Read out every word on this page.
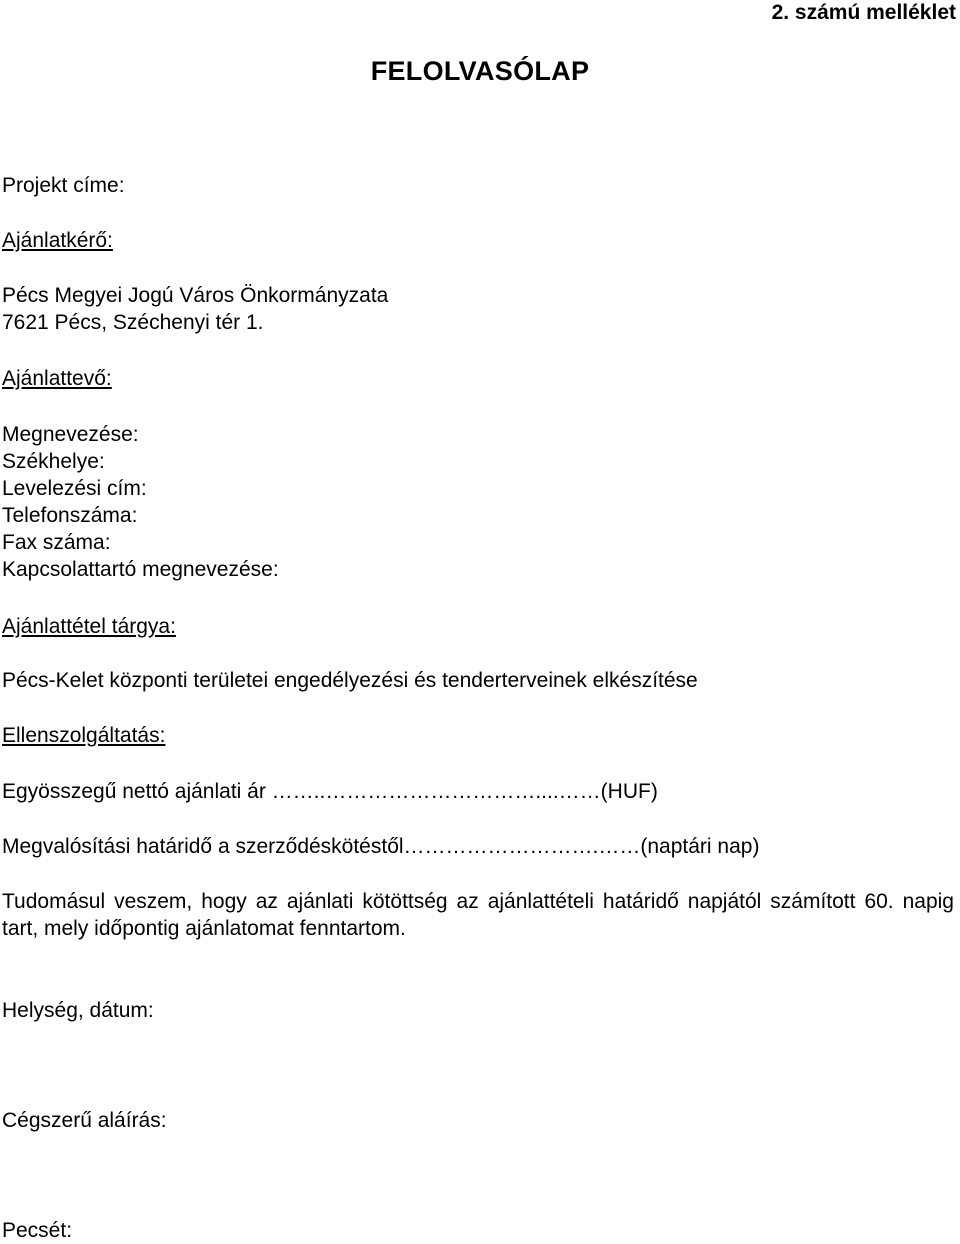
2. számú melléklet
FELOLVASÓLAP
Projekt címe:
Ajánlatkérő:
Pécs Megyei Jogú Város Önkormányzata
7621 Pécs, Széchenyi tér 1.
Ajánlattevő:
Megnevezése:
Székhelye:
Levelezési cím:
Telefonszáma:
Fax száma:
Kapcsolattartó megnevezése:
Ajánlattétel tárgya:
Pécs-Kelet központi területei engedélyezési és tenderterveinek elkészítése
Ellenszolgáltatás:
Egyösszegű nettó ajánlati ár ……..…………………………....……(HUF)
Megvalósítási határidő a szerződéskötéstől……………………….……(naptári nap)
Tudomásul veszem, hogy az ajánlati kötöttség az ajánlattételi határidő napjától számított 60. napig tart, mely időpontig ajánlatomat fenntartom.
Helység, dátum:
Cégszerű aláírás:
Pecsét:
